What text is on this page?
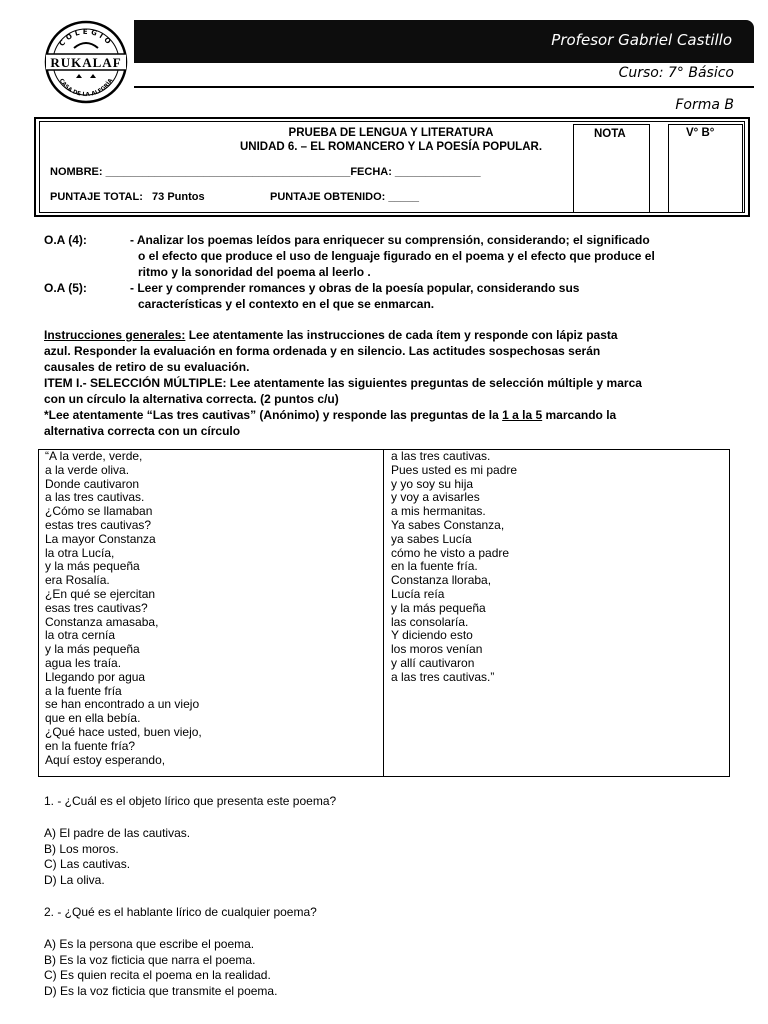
COLEGIO
RUKALAF
CASA DE LA ALEGRÍA
Profesor Gabriel Castillo
Curso: 7° Básico
Forma B
PRUEBA DE LENGUA Y LITERATURA
UNIDAD 6. – EL ROMANCERO Y LA POESÍA POPULAR.
NOTA	V° B°
NOMBRE: ________________________________________FECHA: ______________
PUNTAJE TOTAL:   73 Puntos	PUNTAJE OBTENIDO: _____
O.A (4):	- Analizar los poemas leídos para enriquecer su comprensión, considerando; el significado
o el efecto que produce el uso de lenguaje figurado en el poema y el efecto que produce el
ritmo y la sonoridad del poema al leerlo .
O.A (5):	- Leer y comprender romances y obras de la poesía popular, considerando sus
características y el contexto en el que se enmarcan.

Instrucciones generales: Lee atentamente las instrucciones de cada ítem y responde con lápiz pasta

azul. Responder la evaluación en forma ordenada y en silencio. Las actitudes sospechosas serán

causales de retiro de su evaluación.

ITEM I.- SELECCIÓN MÚLTIPLE: Lee atentamente las siguientes preguntas de selección múltiple y marca

con un círculo la alternativa correcta. (2 puntos c/u)

*Lee atentamente “Las tres cautivas” (Anónimo) y responde las preguntas de la 1 a la 5 marcando la

alternativa correcta con un círculo

“A la verde, verde,
a la verde oliva.
Donde cautivaron
a las tres cautivas.
¿Cómo se llamaban
estas tres cautivas?
La mayor Constanza
la otra Lucía,
y la más pequeña
era Rosalía.
¿En qué se ejercitan
esas tres cautivas?
Constanza amasaba,
la otra cernía
y la más pequeña
agua les traía.
Llegando por agua
a la fuente fría
se han encontrado a un viejo
que en ella bebía.
¿Qué hace usted, buen viejo,
en la fuente fría?
Aquí estoy esperando,
a las tres cautivas.
Pues usted es mi padre
y yo soy su hija
y voy a avisarles
a mis hermanitas.
Ya sabes Constanza,
ya sabes Lucía
cómo he visto a padre
en la fuente fría.
Constanza lloraba,
Lucía reía
y la más pequeña
las consolaría.
Y diciendo esto
los moros venían
y allí cautivaron
a las tres cautivas.”
1. - ¿Cuál es el objeto lírico que presenta este poema?
A) El padre de las cautivas.
B) Los moros.
C) Las cautivas.
D) La oliva.
2. - ¿Qué es el hablante lírico de cualquier poema?
A) Es la persona que escribe el poema.
B) Es la voz ficticia que narra el poema.
C) Es quien recita el poema en la realidad.
D) Es la voz ficticia que transmite el poema.
